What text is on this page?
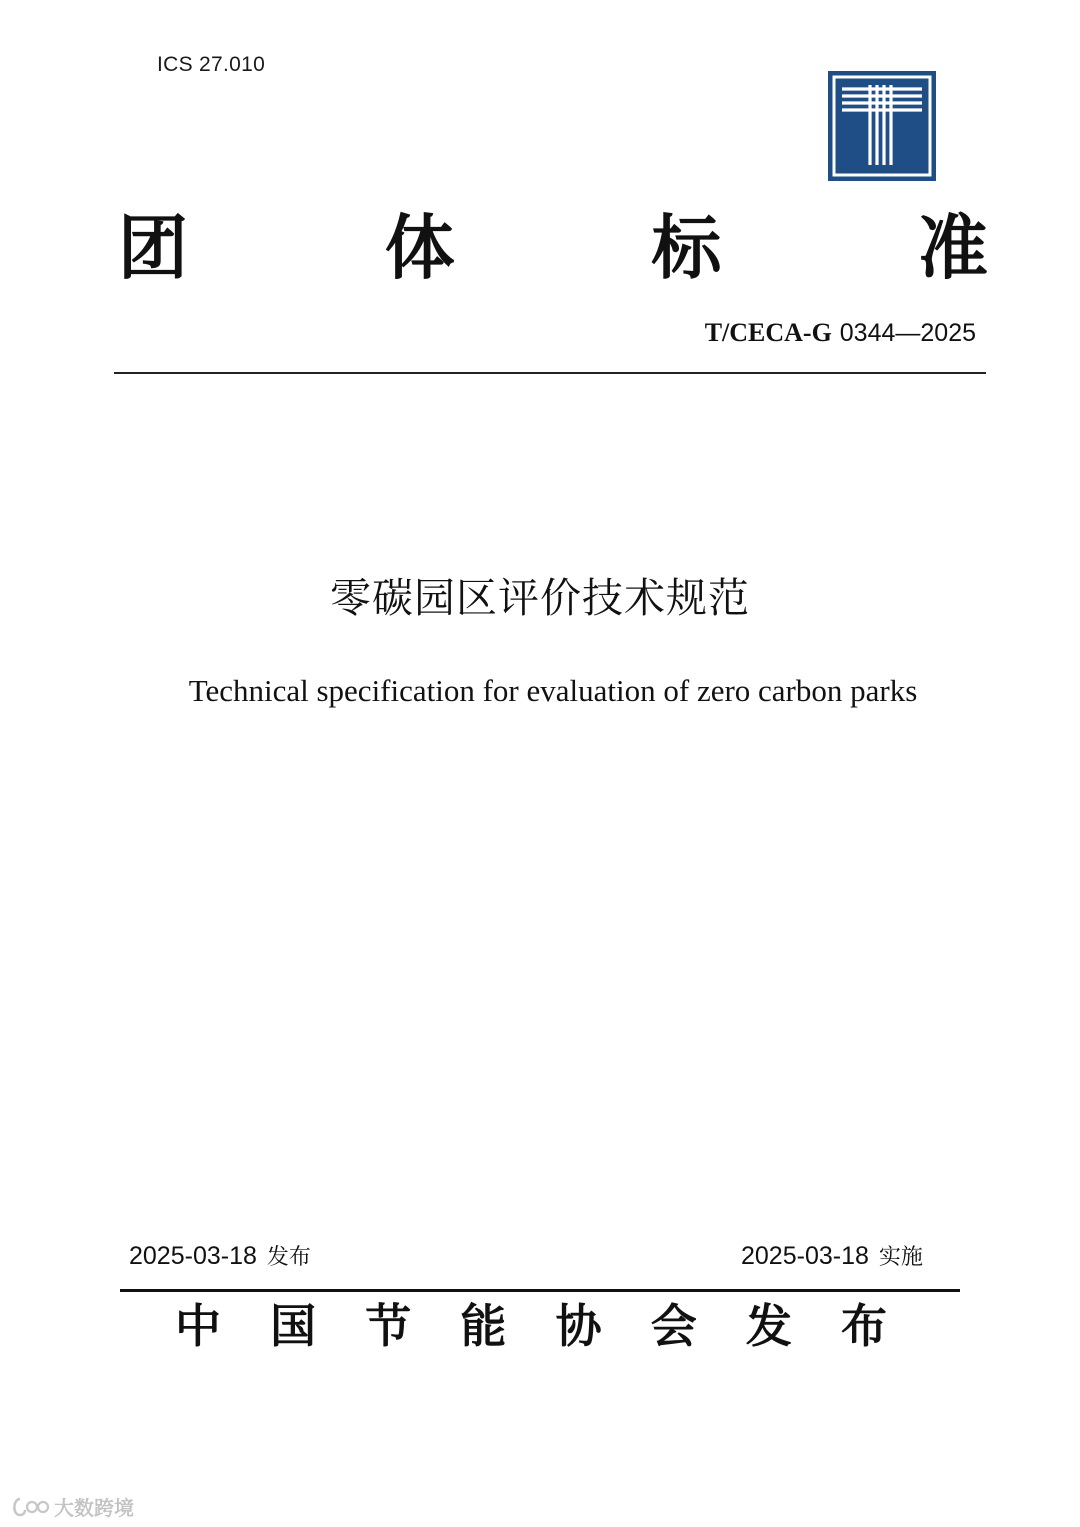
ICS 27.010
团	体	标	准
T/CECA-G 0344—2025
零碳园区评价技术规范
Technical specification for evaluation of zero carbon parks
2025-03-18 发布	2025-03-18 实施
中 国 节 能 协 会 发 布
大数跨境
